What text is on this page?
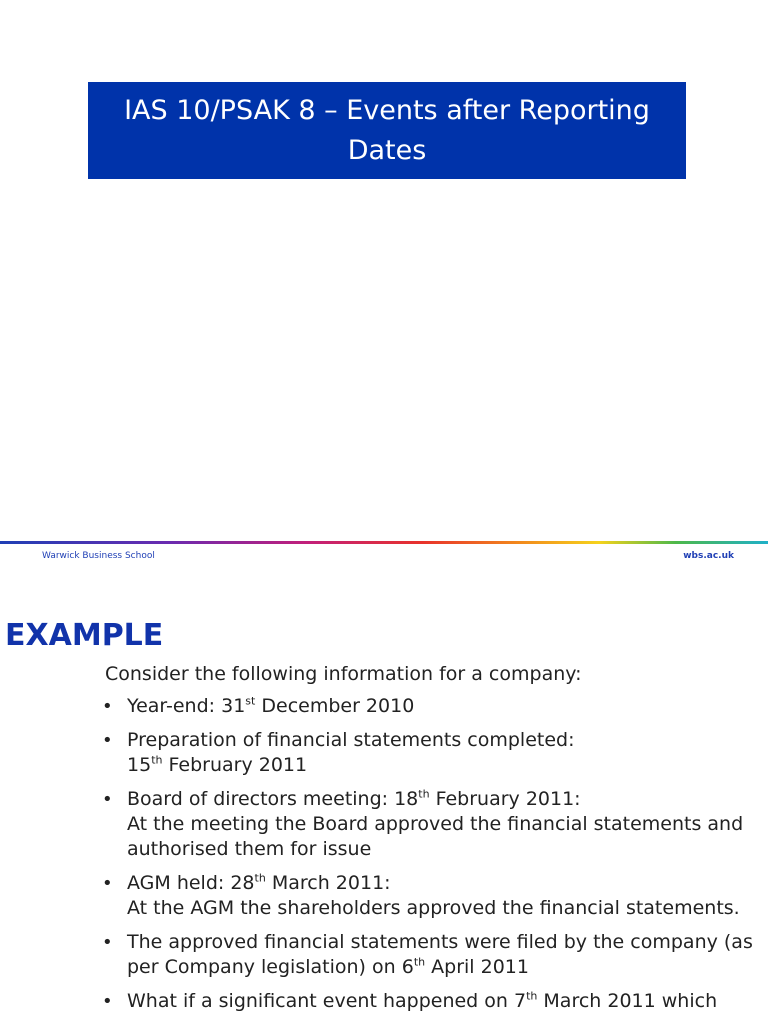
IAS 10/PSAK 8 – Events after Reporting
Dates
Warwick Business School	wbs.ac.uk
EXAMPLE
Consider the following information for a company:
• Year-end: 31st December 2010
• Preparation of financial statements completed:
15th February 2011
• Board of directors meeting: 18th February 2011:
At the meeting the Board approved the financial statements and
authorised them for issue
• AGM held: 28th March 2011:
At the AGM the shareholders approved the financial statements.
• The approved financial statements were filed by the company (as
per Company legislation) on 6th April 2011
• What if a significant event happened on 7th March 2011 which
